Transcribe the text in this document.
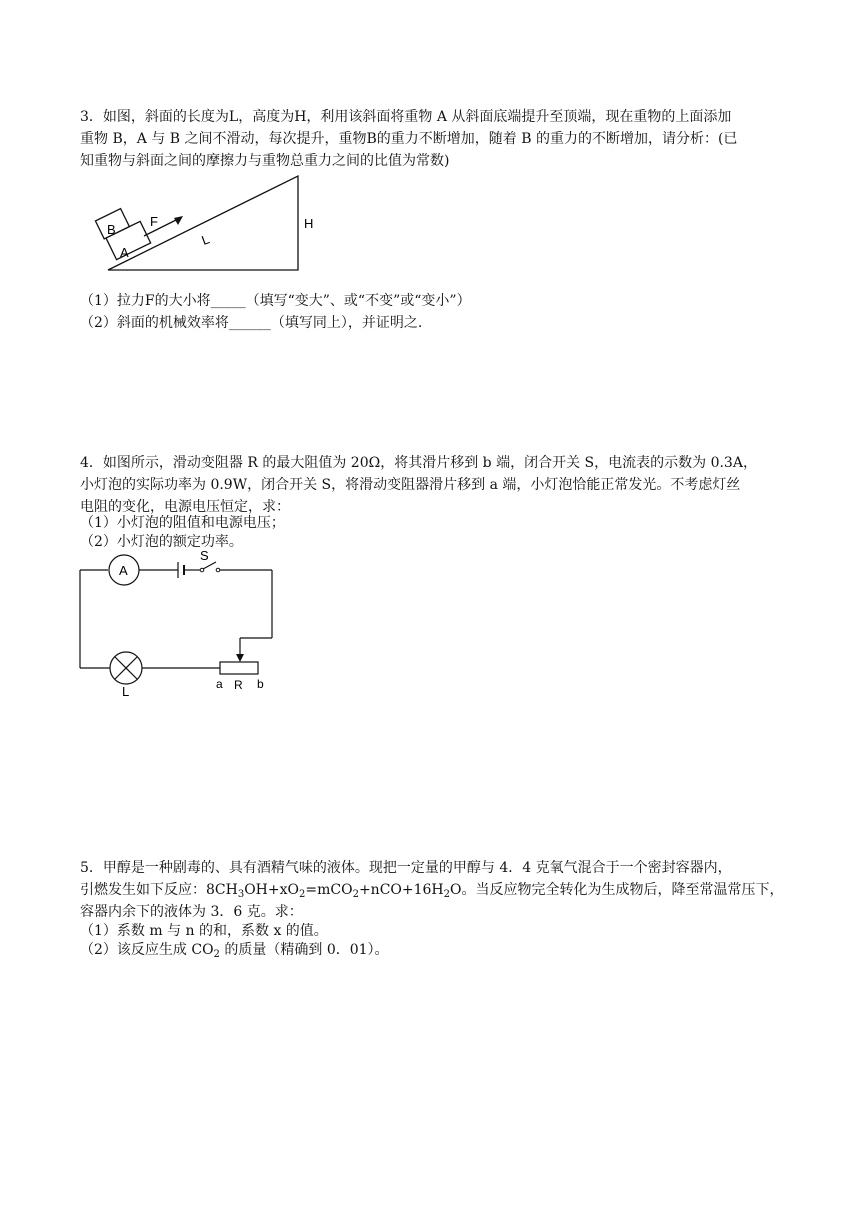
3．如图，斜面的长度为L，高度为H，利用该斜面将重物 A 从斜面底端提升至顶端，现在重物的上面添加
重物 B，A 与 B 之间不滑动，每次提升，重物B的重力不断增加，随着 B 的重力的不断增加，请分析：(已
知重物与斜面之间的摩擦力与重物总重力之间的比值为常数)
B
A
F
L
H
（1）拉力F的大小将_____（填写“变大”、或“不变”或“变小”）
（2）斜面的机械效率将______（填写同上），并证明之.
4．如图所示，滑动变阻器 R 的最大阻值为 20Ω，将其滑片移到 b 端，闭合开关 S，电流表的示数为 0.3A，
小灯泡的实际功率为 0.9W，闭合开关 S，将滑动变阻器滑片移到 a 端，小灯泡恰能正常发光。不考虑灯丝
电阻的变化，电源电压恒定，求：
（1）小灯泡的阻值和电源电压；
（2）小灯泡的额定功率。
A
S
a R b
L
5．甲醇是一种剧毒的、具有酒精气味的液体。现把一定量的甲醇与 4．4 克氧气混合于一个密封容器内，
引燃发生如下反应：$8CH_3OH+xO_2=mCO_2+nCO+16H_2O$。当反应物完全转化为生成物后，降至常温常压下，
容器内余下的液体为 3．6 克。求：
（1）系数 m 与 n 的和，系数 x 的值。
（2）该反应生成 $CO_2$ 的质量（精确到 0．01）。
